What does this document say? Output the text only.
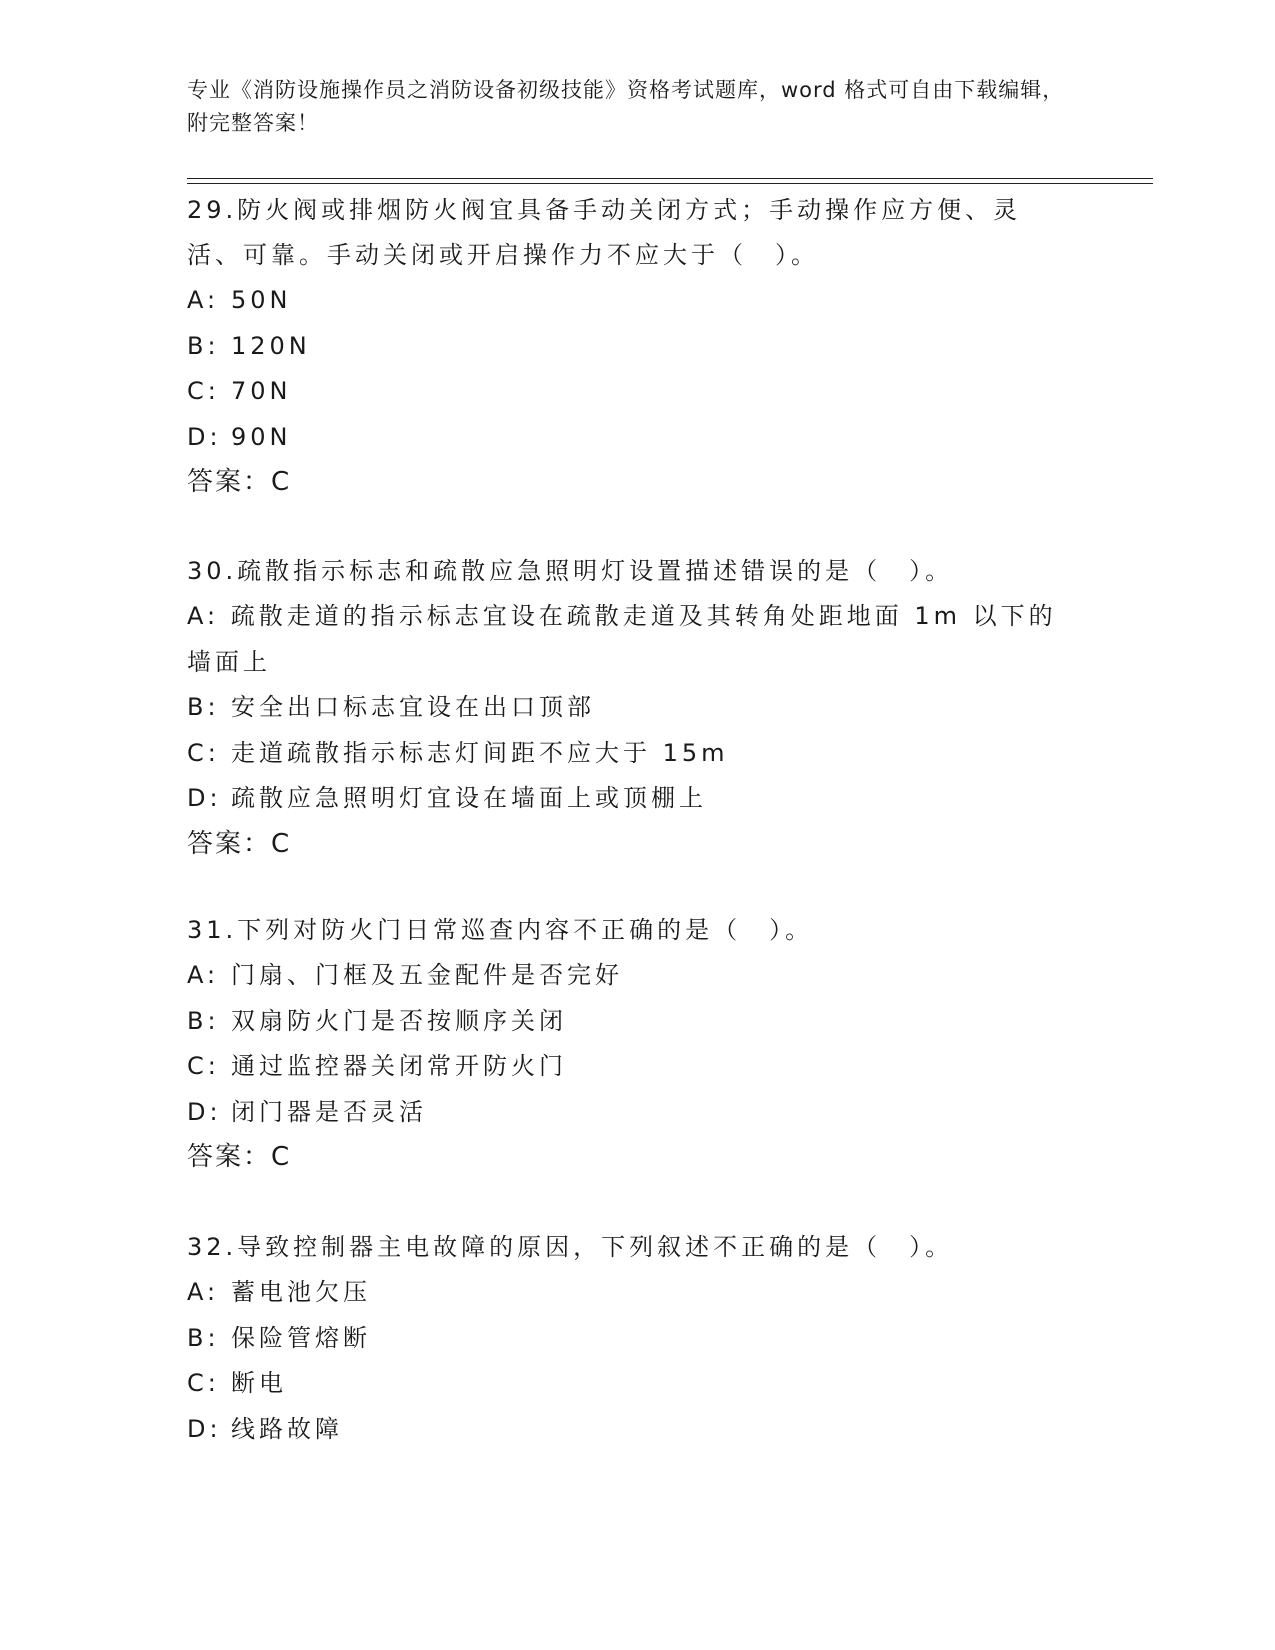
专业《消防设施操作员之消防设备初级技能》资格考试题库，word 格式可自由下载编辑，附完整答案！

29.防火阀或排烟防火阀宜具备手动关闭方式；手动操作应方便、灵活、可靠。手动关闭或开启操作力不应大于（　）。

A: 50N
B: 120N
C: 70N
D: 90N

答案：C

30.疏散指示标志和疏散应急照明灯设置描述错误的是（　）。

A: 疏散走道的指示标志宜设在疏散走道及其转角处距地面 1m 以下的墙面上
B: 安全出口标志宜设在出口顶部
C: 走道疏散指示标志灯间距不应大于 15m
D: 疏散应急照明灯宜设在墙面上或顶棚上

答案：C

31.下列对防火门日常巡查内容不正确的是（　）。

A: 门扇、门框及五金配件是否完好
B: 双扇防火门是否按顺序关闭
C: 通过监控器关闭常开防火门
D: 闭门器是否灵活

答案：C

32.导致控制器主电故障的原因，下列叙述不正确的是（　）。

A: 蓄电池欠压
B: 保险管熔断
C: 断电
D: 线路故障
